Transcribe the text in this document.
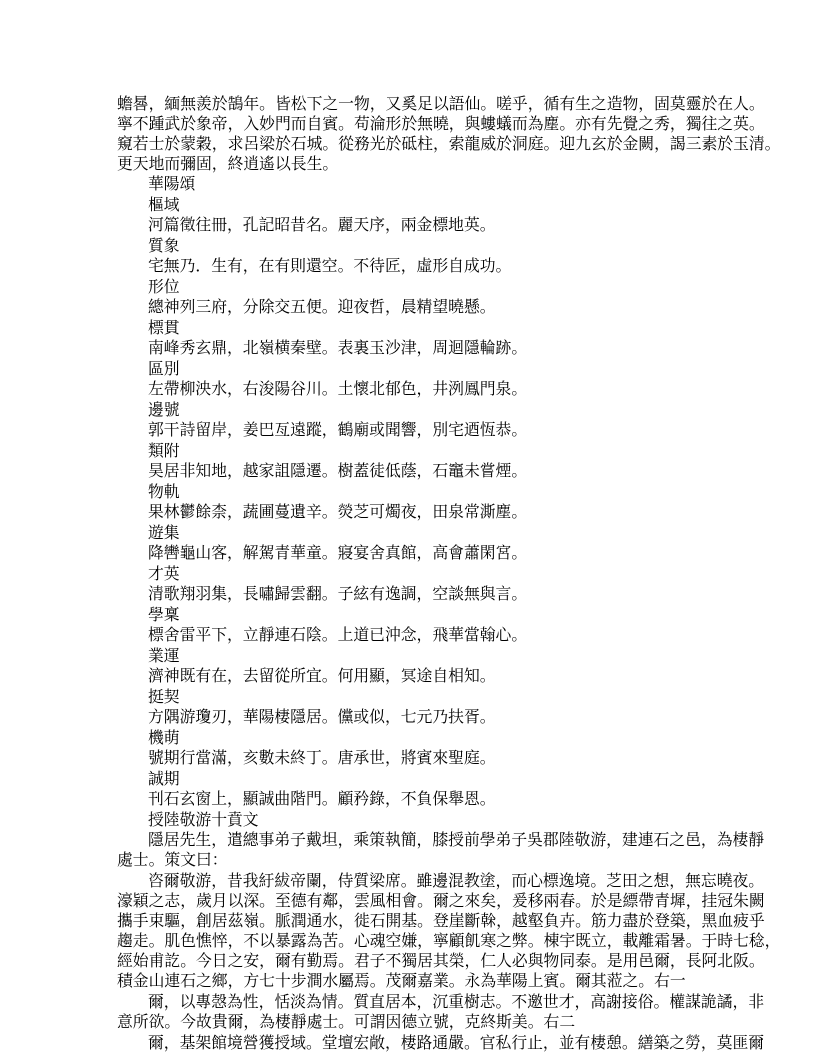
蟾晷，緬無羨於鵠年。皆松下之一物，又奚足以語仙。嗟乎，循有生之造物，固莫靈於在人。
寧不踵武於象帝，入妙門而自賓。苟淪形於無曉，與螻蟻而為塵。亦有先覺之秀，獨往之英。
窺若士於蒙穀，求呂梁於石城。從務光於砥柱，索龍威於洞庭。迎九玄於金闕，謁三素於玉清。
更天地而彌固，終逍遙以長生。
華陽頌
樞域
河篇徵往冊，孔記昭昔名。麗天序，兩金標地英。
質象
宅無乃．生有，在有則還空。不待匠，虛形自成功。
形位
總神列三府，分除交五便。迎夜哲，晨精望曉懸。
標貫
南峰秀玄鼎，北嶺横秦壁。表裏玉沙津，周迴隱輪跡。
區別
左帶柳泱水，右浚陽谷川。土懷北郁色，井洌鳳門泉。
邊號
郭干詩留岸，姜巴亙遠蹤，鶴廟或聞響，別宅迺恆恭。
類附
昊居非知地，越家詛隱遷。樹蓋徒低蔭，石竈未嘗煙。
物軌
果林鬱餘柰，蔬圃蔓遺辛。熒芝可燭夜，田泉常澌塵。
遊集
降轡龜山客，解駕青華童。寢宴舍真館，高會蕭閑宮。
才英
清歌翔羽集，長嘯歸雲翻。子絃有逸調，空談無與言。
學稟
標舍雷平下，立靜連石陰。上道已沖念，飛華當翰心。
業運
濟神既有在，去留從所宜。何用顯，冥途自相知。
挺契
方隅游瓊刃，華陽棲隱居。儻或似，七元乃扶胥。
機萌
號期行當滿，亥數未終丁。唐承世，將賓來聖庭。
誠期
刊石玄窗上，顯誠曲階門。顧矜錄，不負保舉恩。
授陸敬游十賁文
隱居先生，遣總事弟子戴坦，乘策執簡，膝授前學弟子吳郡陸敬游，建連石之邑，為棲靜
處士。策文曰：
咨爾敬游，昔我紆紱帝闌，侍質梁席。雖邊混教塗，而心標逸境。芝田之想，無忘曉夜。
濠穎之志，歲月以深。至德有鄰，雲風相會。爾之來矣，爰移兩春。於是縹帶青墀，挂冠朱闕
攜手束驅，創居茲嶺。脈潤通水，徙石開基。登崖斷榦，越壑負卉。筋力盡於登築，黑血疲乎
趨走。肌色憔悴，不以暴露為苦。心魂空嫌，寧顧飢寒之弊。棟宇既立，載離霜暑。于時七稔，
經始甫訖。今日之安，爾有勤焉。君子不獨居其榮，仁人必與物同泰。是用邑爾，長阿北阪。
積金山連石之鄉，方七十步澗水屬焉。茂爾嘉業。永為華陽上賓。爾其蒞之。右一
爾，以專愨為性，恬淡為情。質直居本，沉重樹志。不邀世才，高謝接俗。權謀詭譎，非
意所欲。今故貴爾，為棲靜處士。可謂因德立號，克終斯美。右二
爾，基架館境營獲授域。堂壇宏敞，棲路通嚴。官私行止，並有棲憩。繕築之勞，莫匪爾
